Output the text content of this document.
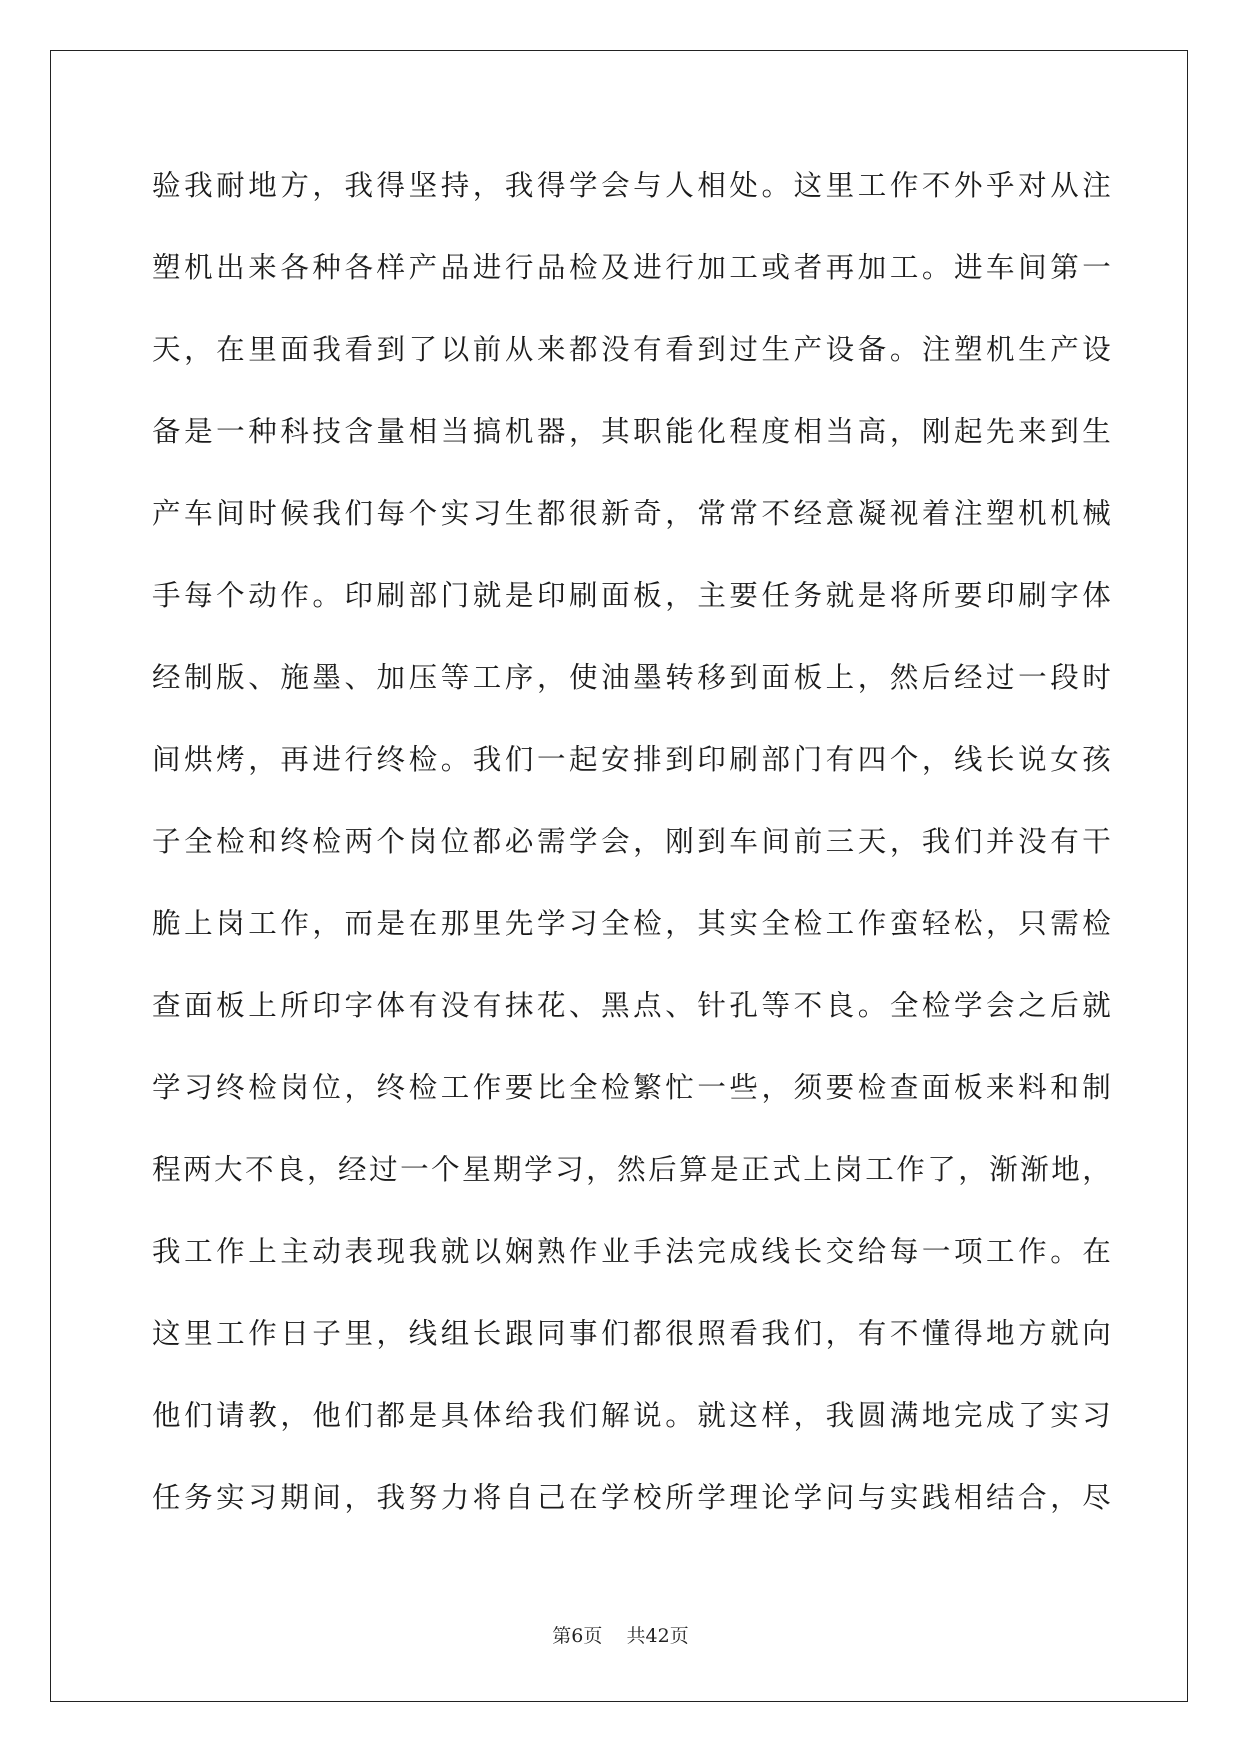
验我耐地方，我得坚持，我得学会与人相处。这里工作不外乎对从注
塑机出来各种各样产品进行品检及进行加工或者再加工。进车间第一
天，在里面我看到了以前从来都没有看到过生产设备。注塑机生产设
备是一种科技含量相当搞机器，其职能化程度相当高，刚起先来到生
产车间时候我们每个实习生都很新奇，常常不经意凝视着注塑机机械
手每个动作。印刷部门就是印刷面板，主要任务就是将所要印刷字体
经制版、施墨、加压等工序，使油墨转移到面板上，然后经过一段时
间烘烤，再进行终检。我们一起安排到印刷部门有四个，线长说女孩
子全检和终检两个岗位都必需学会，刚到车间前三天，我们并没有干
脆上岗工作，而是在那里先学习全检，其实全检工作蛮轻松，只需检
查面板上所印字体有没有抹花、黑点、针孔等不良。全检学会之后就
学习终检岗位，终检工作要比全检繁忙一些，须要检查面板来料和制
程两大不良，经过一个星期学习，然后算是正式上岗工作了，渐渐地，
我工作上主动表现我就以娴熟作业手法完成线长交给每一项工作。在
这里工作日子里，线组长跟同事们都很照看我们，有不懂得地方就向
他们请教，他们都是具体给我们解说。就这样，我圆满地完成了实习
任务实习期间，我努力将自己在学校所学理论学问与实践相结合，尽
第6页 共42页
